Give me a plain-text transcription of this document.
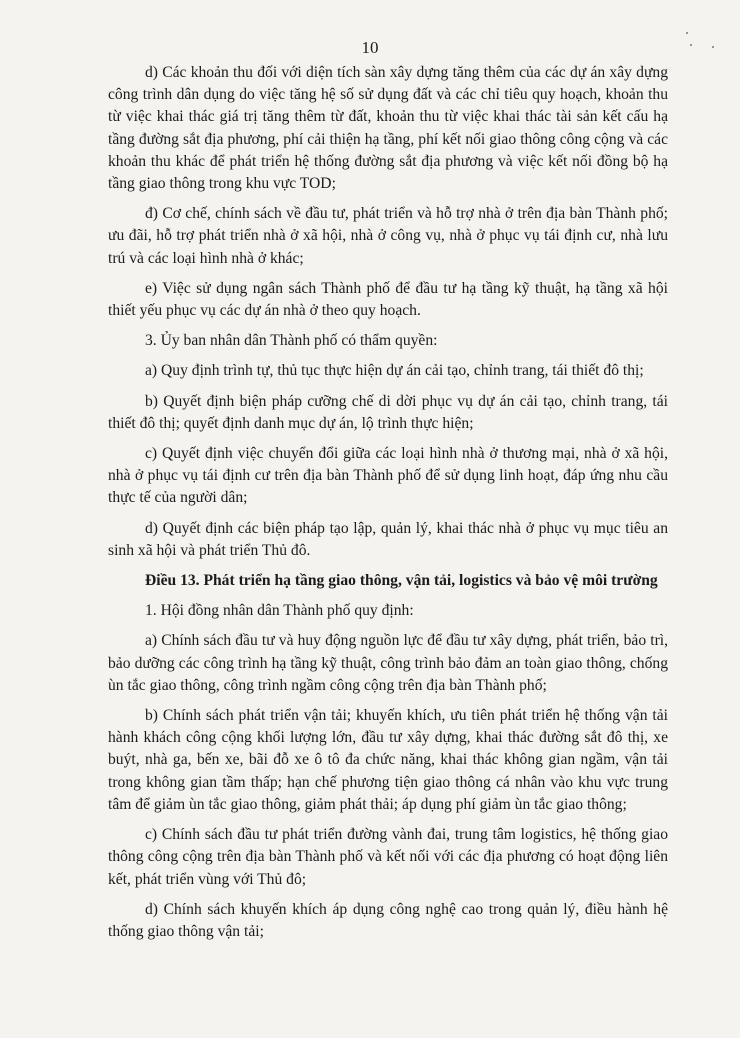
10

d) Các khoản thu đối với diện tích sàn xây dựng tăng thêm của các dự án xây dựng công trình dân dụng do việc tăng hệ số sử dụng đất và các chỉ tiêu quy hoạch, khoản thu từ việc khai thác giá trị tăng thêm từ đất, khoản thu từ việc khai thác tài sản kết cấu hạ tầng đường sắt địa phương, phí cải thiện hạ tầng, phí kết nối giao thông công cộng và các khoản thu khác để phát triển hệ thống đường sắt địa phương và việc kết nối đồng bộ hạ tầng giao thông trong khu vực TOD;

đ) Cơ chế, chính sách về đầu tư, phát triển và hỗ trợ nhà ở trên địa bàn Thành phố; ưu đãi, hỗ trợ phát triển nhà ở xã hội, nhà ở công vụ, nhà ở phục vụ tái định cư, nhà lưu trú và các loại hình nhà ở khác;

e) Việc sử dụng ngân sách Thành phố để đầu tư hạ tầng kỹ thuật, hạ tầng xã hội thiết yếu phục vụ các dự án nhà ở theo quy hoạch.

3. Ủy ban nhân dân Thành phố có thẩm quyền:

a) Quy định trình tự, thủ tục thực hiện dự án cải tạo, chỉnh trang, tái thiết đô thị;

b) Quyết định biện pháp cưỡng chế di dời phục vụ dự án cải tạo, chỉnh trang, tái thiết đô thị; quyết định danh mục dự án, lộ trình thực hiện;

c) Quyết định việc chuyển đổi giữa các loại hình nhà ở thương mại, nhà ở xã hội, nhà ở phục vụ tái định cư trên địa bàn Thành phố để sử dụng linh hoạt, đáp ứng nhu cầu thực tế của người dân;

d) Quyết định các biện pháp tạo lập, quản lý, khai thác nhà ở phục vụ mục tiêu an sinh xã hội và phát triển Thủ đô.

Điều 13. Phát triển hạ tầng giao thông, vận tải, logistics và bảo vệ môi trường

1. Hội đồng nhân dân Thành phố quy định:

a) Chính sách đầu tư và huy động nguồn lực để đầu tư xây dựng, phát triển, bảo trì, bảo dưỡng các công trình hạ tầng kỹ thuật, công trình bảo đảm an toàn giao thông, chống ùn tắc giao thông, công trình ngầm công cộng trên địa bàn Thành phố;

b) Chính sách phát triển vận tải; khuyến khích, ưu tiên phát triển hệ thống vận tải hành khách công cộng khối lượng lớn, đầu tư xây dựng, khai thác đường sắt đô thị, xe buýt, nhà ga, bến xe, bãi đỗ xe ô tô đa chức năng, khai thác không gian ngầm, vận tải trong không gian tầm thấp; hạn chế phương tiện giao thông cá nhân vào khu vực trung tâm để giảm ùn tắc giao thông, giảm phát thải; áp dụng phí giảm ùn tắc giao thông;

c) Chính sách đầu tư phát triển đường vành đai, trung tâm logistics, hệ thống giao thông công cộng trên địa bàn Thành phố và kết nối với các địa phương có hoạt động liên kết, phát triển vùng với Thủ đô;

d) Chính sách khuyến khích áp dụng công nghệ cao trong quản lý, điều hành hệ thống giao thông vận tải;
